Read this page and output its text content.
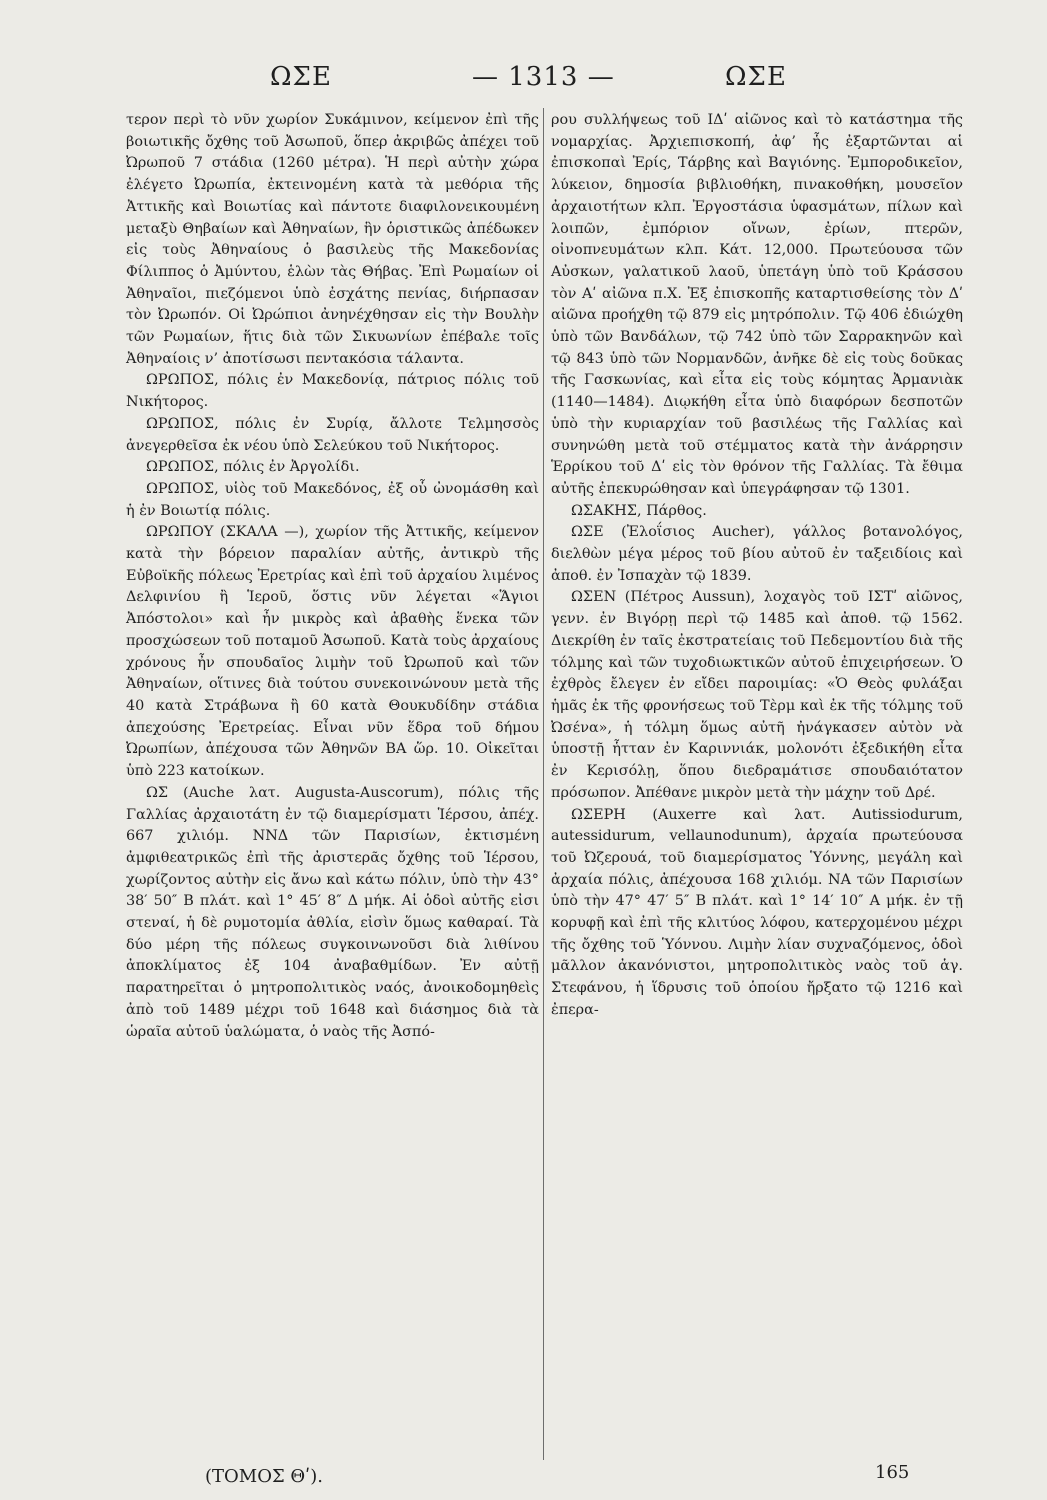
ΩΣΕ	— 1313 —	ΩΣΕ

τερον περὶ τὸ νῦν χωρίον Συκάμινον, κείμενον ἐπὶ τῆς βοιωτικῆς ὄχθης τοῦ Ἀσωποῦ, ὅπερ ἀκριβῶς ἀπέχει τοῦ Ὠρωποῦ 7 στάδια (1260 μέτρα). Ἡ περὶ αὐτὴν χώρα ἐλέγετο Ὠρωπία, ἐκτεινομένη κατὰ τὰ μεθόρια τῆς Ἀττικῆς καὶ Βοιωτίας καὶ πάντοτε διαφιλονεικουμένη μεταξὺ Θηβαίων καὶ Ἀθηναίων, ἣν ὁριστικῶς ἀπέδωκεν εἰς τοὺς Ἀθηναίους ὁ βασιλεὺς τῆς Μακεδονίας Φίλιππος ὁ Ἀμύντου, ἑλὼν τὰς Θήβας. Ἐπὶ Ρωμαίων οἱ Ἀθηναῖοι, πιεζόμενοι ὑπὸ ἐσχάτης πενίας, διήρπασαν τὸν Ὠρωπόν. Οἱ Ὠρώπιοι ἀνηνέχθησαν εἰς τὴν Βουλὴν τῶν Ρωμαίων, ἥτις διὰ τῶν Σικυωνίων ἐπέβαλε τοῖς Ἀθηναίοις ν’ ἀποτίσωσι πεντακόσια τάλαντα.

ΩΡΩΠΟΣ, πόλις ἐν Μακεδονίᾳ, πάτριος πόλις τοῦ Νικήτορος.

ΩΡΩΠΟΣ, πόλις ἐν Συρίᾳ, ἄλλοτε Τελμησσὸς ἀνεγερθεῖσα ἐκ νέου ὑπὸ Σελεύκου τοῦ Νικήτορος.

ΩΡΩΠΟΣ, πόλις ἐν Ἀργολίδι.

ΩΡΩΠΟΣ, υἱὸς τοῦ Μακεδόνος, ἐξ οὗ ὠνομάσθη καὶ ἡ ἐν Βοιωτίᾳ πόλις.

ΩΡΩΠΟΥ (ΣΚΑΛΑ —), χωρίον τῆς Ἀττικῆς, κείμενον κατὰ τὴν βόρειον παραλίαν αὐτῆς, ἀντικρὺ τῆς Εὐβοϊκῆς πόλεως Ἐρετρίας καὶ ἐπὶ τοῦ ἀρχαίου λιμένος Δελφινίου ἢ Ἱεροῦ, ὅστις νῦν λέγεται «Ἅγιοι Ἀπόστολοι» καὶ ἦν μικρὸς καὶ ἀβαθὴς ἕνεκα τῶν προσχώσεων τοῦ ποταμοῦ Ἀσωποῦ. Κατὰ τοὺς ἀρχαίους χρόνους ἦν σπουδαῖος λιμὴν τοῦ Ὠρωποῦ καὶ τῶν Ἀθηναίων, οἵτινες διὰ τούτου συνεκοινώνουν μετὰ τῆς 40 κατὰ Στράβωνα ἢ 60 κατὰ Θουκυδίδην στάδια ἀπεχούσης Ἐρετρείας. Εἶναι νῦν ἕδρα τοῦ δήμου Ὠρωπίων, ἀπέχουσα τῶν Ἀθηνῶν ΒΑ ὥρ. 10. Οἰκεῖται ὑπὸ 223 κατοίκων.

ΩΣ (Auche λατ. Augusta-Auscorum), πόλις τῆς Γαλλίας ἀρχαιοτάτη ἐν τῷ διαμερίσματι Ἱέρσου, ἀπέχ. 667 χιλιόμ. ΝΝΔ τῶν Παρισίων, ἐκτισμένη ἀμφιθεατρικῶς ἐπὶ τῆς ἀριστερᾶς ὄχθης τοῦ Ἱέρσου, χωρίζοντος αὐτὴν εἰς ἄνω καὶ κάτω πόλιν, ὑπὸ τὴν 43° 38′ 50″ Β πλάτ. καὶ 1° 45′ 8″ Δ μήκ. Αἱ ὁδοὶ αὐτῆς εἰσι στεναί, ἡ δὲ ρυμοτομία ἀθλία, εἰσὶν ὅμως καθαραί. Τὰ δύο μέρη τῆς πόλεως συγκοινωνοῦσι διὰ λιθίνου ἀποκλίματος ἐξ 104 ἀναβαθμίδων. Ἐν αὐτῇ παρατηρεῖται ὁ μητροπολιτικὸς ναός, ἀνοικοδομηθεὶς ἀπὸ τοῦ 1489 μέχρι τοῦ 1648 καὶ διάσημος διὰ τὰ ὡραῖα αὐτοῦ ὑαλώματα, ὁ ναὸς τῆς Ἀσπό-

ρου συλλήψεως τοῦ ΙΔʹ αἰῶνος καὶ τὸ κατάστημα τῆς νομαρχίας. Ἀρχιεπισκοπή, ἀφ’ ἧς ἐξαρτῶνται αἱ ἐπισκοπαὶ Ἐρίς, Τάρβης καὶ Βαγιόνης. Ἐμποροδικεῖον, λύκειον, δημοσία βιβλιοθήκη, πινακοθήκη, μουσεῖον ἀρχαιοτήτων κλπ. Ἐργοστάσια ὑφασμάτων, πίλων καὶ λοιπῶν, ἐμπόριον οἴνων, ἐρίων, πτερῶν, οἰνοπνευμάτων κλπ. Κάτ. 12,000. Πρωτεύουσα τῶν Αὐσκων, γαλατικοῦ λαοῦ, ὑπετάγη ὑπὸ τοῦ Κράσσου τὸν Αʹ αἰῶνα π.Χ. Ἐξ ἐπισκοπῆς καταρτισθείσης τὸν Δʹ αἰῶνα προήχθη τῷ 879 εἰς μητρόπολιν. Τῷ 406 ἐδιώχθη ὑπὸ τῶν Βανδάλων, τῷ 742 ὑπὸ τῶν Σαρρακηνῶν καὶ τῷ 843 ὑπὸ τῶν Νορμανδῶν, ἀνῆκε δὲ εἰς τοὺς δοῦκας τῆς Γασκωνίας, καὶ εἶτα εἰς τοὺς κόμητας Ἀρμανιὰκ (1140—1484). Διῳκήθη εἶτα ὑπὸ διαφόρων δεσποτῶν ὑπὸ τὴν κυριαρχίαν τοῦ βασιλέως τῆς Γαλλίας καὶ συνηνώθη μετὰ τοῦ στέμματος κατὰ τὴν ἀνάρρησιν Ἑρρίκου τοῦ Δʹ εἰς τὸν θρόνον τῆς Γαλλίας. Τὰ ἔθιμα αὐτῆς ἐπεκυρώθησαν καὶ ὑπεγράφησαν τῷ 1301.

ΩΣΑΚΗΣ, Πάρθος.

ΩΣΕ (Ἐλοΐσιος Aucher), γάλλος βοτανολόγος, διελθὼν μέγα μέρος τοῦ βίου αὐτοῦ ἐν ταξειδίοις καὶ ἀποθ. ἐν Ἰσπαχὰν τῷ 1839.

ΩΣΕΝ (Πέτρος Aussun), λοχαγὸς τοῦ ΙΣΤʹ αἰῶνος, γενν. ἐν Βιγόρῃ περὶ τῷ 1485 καὶ ἀποθ. τῷ 1562. Διεκρίθη ἐν ταῖς ἐκστρατείαις τοῦ Πεδεμοντίου διὰ τῆς τόλμης καὶ τῶν τυχοδιωκτικῶν αὐτοῦ ἐπιχειρήσεων. Ὁ ἐχθρὸς ἔλεγεν ἐν εἴδει παροιμίας: «Ὁ Θεὸς φυλάξαι ἡμᾶς ἐκ τῆς φρονήσεως τοῦ Τὲρμ καὶ ἐκ τῆς τόλμης τοῦ Ὠσένα», ἡ τόλμη ὅμως αὐτῆ ἠνάγκασεν αὐτὸν νὰ ὑποστῇ ἧτταν ἐν Καριννιάκ, μολονότι ἐξεδικήθη εἶτα ἐν Κερισόλῃ, ὅπου διεδραμάτισε σπουδαιότατον πρόσωπον. Ἀπέθανε μικρὸν μετὰ τὴν μάχην τοῦ Δρέ.

ΩΣΕΡΗ (Auxerre καὶ λατ. Autissiodurum, autessidurum, vellaunodunum), ἀρχαία πρωτεύουσα τοῦ Ὠζερουά, τοῦ διαμερίσματος Ὑόννης, μεγάλη καὶ ἀρχαία πόλις, ἀπέχουσα 168 χιλιόμ. ΝΑ τῶν Παρισίων ὑπὸ τὴν 47° 47′ 5″ Β πλάτ. καὶ 1° 14′ 10″ Α μήκ. ἐν τῇ κορυφῇ καὶ ἐπὶ τῆς κλιτύος λόφου, κατερχομένου μέχρι τῆς ὄχθης τοῦ Ὑόννου. Λιμὴν λίαν συχναζόμενος, ὁδοὶ μᾶλλον ἀκανόνιστοι, μητροπολιτικὸς ναὸς τοῦ ἁγ. Στεφάνου, ἡ ἵδρυσις τοῦ ὁποίου ἤρξατο τῷ 1216 καὶ ἐπερα-

(ΤΟΜΟΣ Θʹ).	165
